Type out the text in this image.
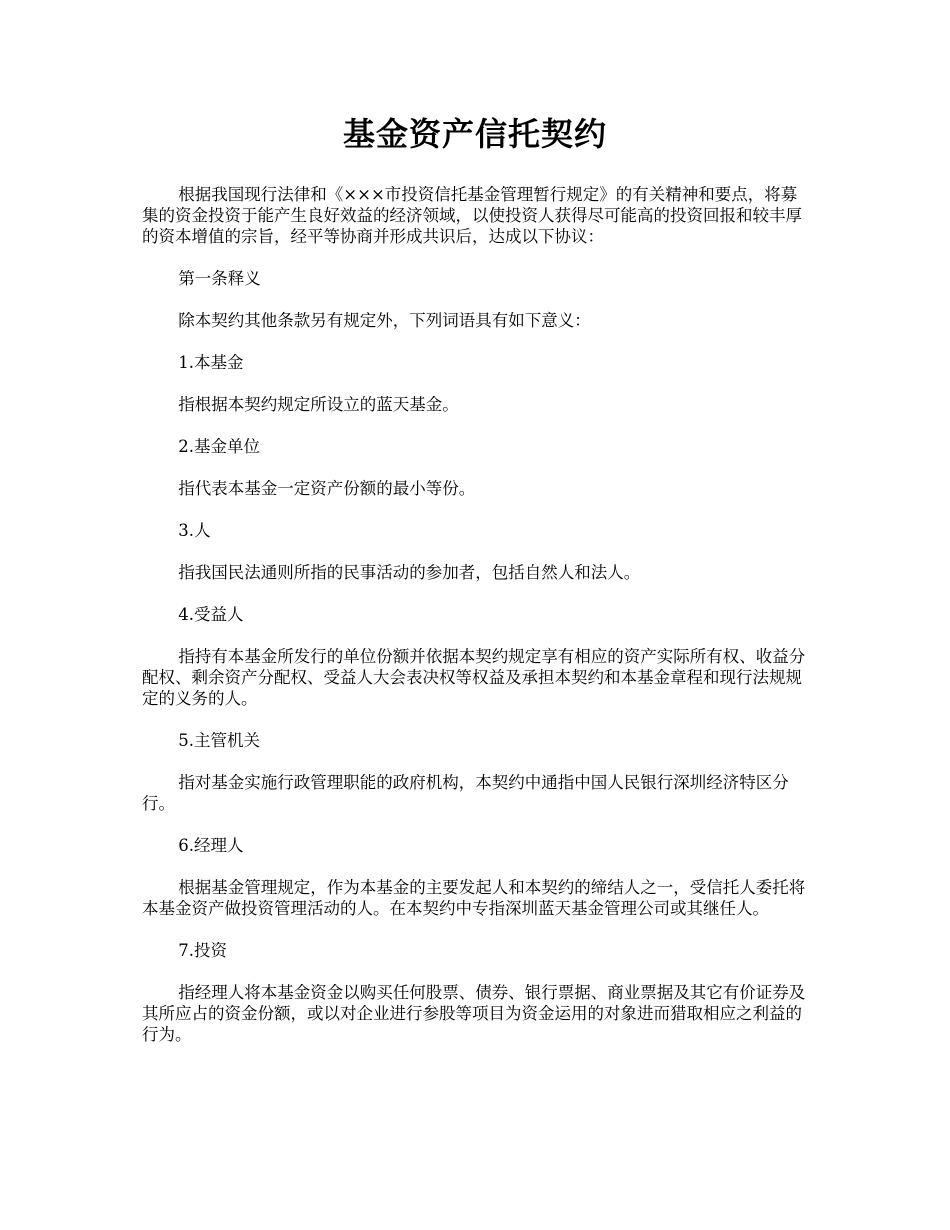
基金资产信托契约

根据我国现行法律和《×××市投资信托基金管理暂行规定》的有关精神和要点，将募集的资金投资于能产生良好效益的经济领域，以使投资人获得尽可能高的投资回报和较丰厚的资本增值的宗旨，经平等协商并形成共识后，达成以下协议：

第一条释义

除本契约其他条款另有规定外，下列词语具有如下意义：

1.本基金

指根据本契约规定所设立的蓝天基金。

2.基金单位

指代表本基金一定资产份额的最小等份。

3.人

指我国民法通则所指的民事活动的参加者，包括自然人和法人。

4.受益人

指持有本基金所发行的单位份额并依据本契约规定享有相应的资产实际所有权、收益分配权、剩余资产分配权、受益人大会表决权等权益及承担本契约和本基金章程和现行法规规定的义务的人。

5.主管机关

指对基金实施行政管理职能的政府机构，本契约中通指中国人民银行深圳经济特区分行。

6.经理人

根据基金管理规定，作为本基金的主要发起人和本契约的缔结人之一，受信托人委托将本基金资产做投资管理活动的人。在本契约中专指深圳蓝天基金管理公司或其继任人。

7.投资

指经理人将本基金资金以购买任何股票、债券、银行票据、商业票据及其它有价证券及其所应占的资金份额，或以对企业进行参股等项目为资金运用的对象进而猎取相应之利益的行为。
